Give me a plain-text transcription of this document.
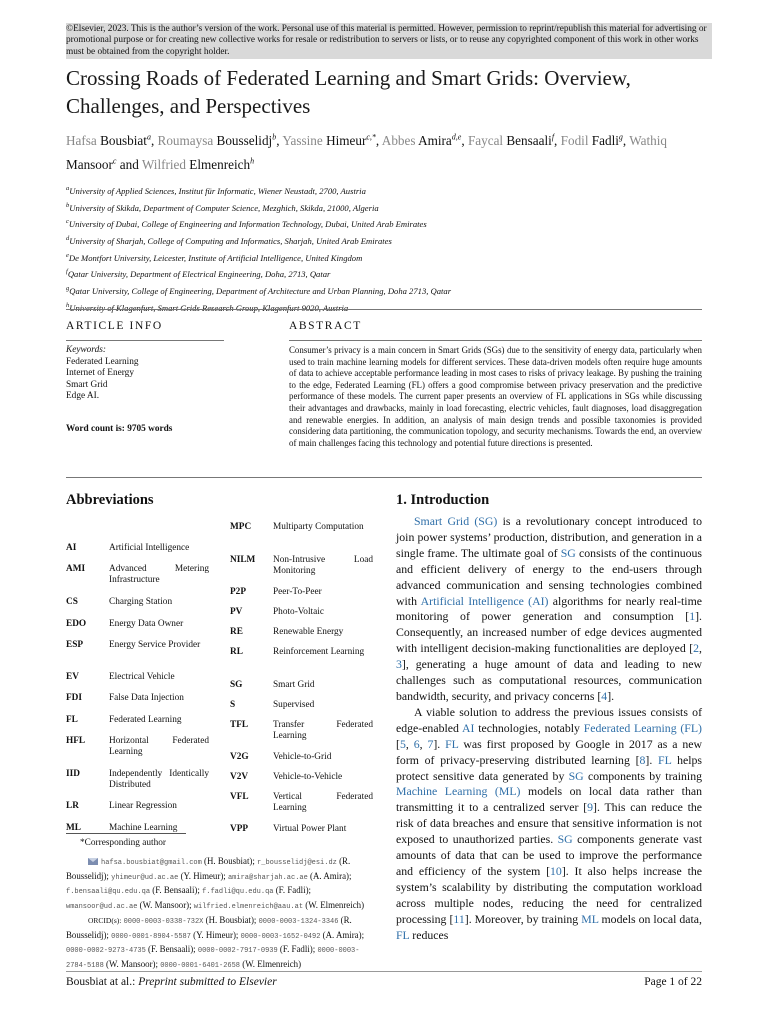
©Elsevier, 2023. This is the author’s version of the work. Personal use of this material is permitted. However, permission to reprint/republish this material for advertising or promotional purpose or for creating new collective works for resale or redistribution to servers or lists, or to reuse any copyrighted component of this work in other works must be obtained from the copyright holder.
Crossing Roads of Federated Learning and Smart Grids: Overview, Challenges, and Perspectives
Hafsa Bousbiat$^a$, Roumaysa Bousselidj$^b$, Yassine Himeur$^{c,*}$, Abbes Amira$^{d,e}$, Faycal Bensaali$^f$, Fodil Fadli$^g$, Wathiq Mansoor$^c$ and Wilfried Elmenreich$^h$
$^a$University of Applied Sciences, Institut für Informatic, Wiener Neustadt, 2700, Austria
$^b$University of Skikda, Department of Computer Science, Mezghich, Skikda, 21000, Algeria
$^c$University of Dubai, College of Engineering and Information Technology, Dubai, United Arab Emirates
$^d$University of Sharjah, College of Computing and Informatics, Sharjah, United Arab Emirates
$^e$De Montfort University, Leicester, Institute of Artificial Intelligence, United Kingdom
$^f$Qatar University, Department of Electrical Engineering, Doha, 2713, Qatar
$^g$Qatar University, College of Engineering, Department of Architecture and Urban Planning, Doha 2713, Qatar
$^h$University of Klagenfurt, Smart Grids Research Group, Klagenfurt 9020, Austria
ARTICLE INFO	ABSTRACT
Keywords:
Federated Learning
Internet of Energy
Smart Grid
Edge AI.
Word count is: 9705 words
Consumer’s privacy is a main concern in Smart Grids (SGs) due to the sensitivity of energy data, particularly when used to train machine learning models for different services. These data-driven models often require huge amounts of data to achieve acceptable performance leading in most cases to risks of privacy leakage. By pushing the training to the edge, Federated Learning (FL) offers a good compromise between privacy preservation and the predictive performance of these models. The current paper presents an overview of FL applications in SGs while discussing their advantages and drawbacks, mainly in load forecasting, electric vehicles, fault diagnoses, load disaggregation and renewable energies. In addition, an analysis of main design trends and possible taxonomies is provided considering data partitioning, the communication topology, and security mechanisms. Towards the end, an overview of main challenges facing this technology and potential future directions is presented.
Abbreviations
AI	Artificial Intelligence
AMI	Advanced Metering Infrastructure
CS	Charging Station
EDO Energy Data Owner
ESP	Energy Service Provider
EV	Electrical Vehicle
FDI	False Data Injection
FL	Federated Learning
HFL	Horizontal Federated Learning
IID	Independently Identically Distributed
LR	Linear Regression
ML	Machine Learning
MPC Multiparty Computation
NILM Non-Intrusive Load Monitoring
P2P	Peer-To-Peer
PV	Photo-Voltaic
RE	Renewable Energy
RL	Reinforcement Learning
SG	Smart Grid
S	Supervised
TFL	Transfer Federated Learning
V2G	Vehicle-to-Grid
V2V	Vehicle-to-Vehicle
VFL	Vertical Federated Learning
VPP	Virtual Power Plant
*Corresponding author
hafsa.bousbiat@gmail.com (H. Bousbiat); r_bousselidj@esi.dz (R. Bousselidj); yhimeur@ud.ac.ae (Y. Himeur); amira@sharjah.ac.ae (A. Amira); f.bensaali@qu.edu.qa (F. Bensaali); f.fadli@qu.edu.qa (F. Fadli); wmansoor@ud.ac.ae (W. Mansoor); wilfried.elmenreich@aau.at (W. Elmenreich)
ORCID(s): 0000-0003-0338-732X (H. Bousbiat); 0000-0003-1324-3346 (R. Bousselidj); 0000-0001-8904-5587 (Y. Himeur); 0000-0003-1652-0492 (A. Amira); 0000-0002-9273-4735 (F. Bensaali); 0000-0002-7917-0939 (F. Fadli); 0000-0003-2784-5188 (W. Mansoor); 0000-0001-6401-2658 (W. Elmenreich)
1. Introduction

Smart Grid (SG) is a revolutionary concept introduced to join power systems’ production, distribution, and generation in a single frame. The ultimate goal of SG consists of the continuous and efficient delivery of energy to the end-users through advanced communication and sensing technologies combined with Artificial Intelligence (AI) algorithms for nearly real-time monitoring of power generation and consumption [1]. Consequently, an increased number of edge devices augmented with intelligent decision-making functionalities are deployed [2, 3], generating a huge amount of data and leading to new challenges such as computational resources, communication bandwidth, security, and privacy concerns [4].

A viable solution to address the previous issues consists of edge-enabled AI technologies, notably Federated Learning (FL) [5, 6, 7]. FL was first proposed by Google in 2017 as a new form of privacy-preserving distributed learning [8]. FL helps protect sensitive data generated by SG components by training Machine Learning (ML) models on local data rather than transmitting it to a centralized server [9]. This can reduce the risk of data breaches and ensure that sensitive information is not exposed to unauthorized parties. SG components generate vast amounts of data that can be used to improve the performance and efficiency of the system [10]. It also helps increase the system’s scalability by distributing the computation workload across multiple nodes, reducing the need for centralized processing [11]. Moreover, by training ML models on local data, FL reduces

Bousbiat at al.: Preprint submitted to Elsevier	Page 1 of 22
